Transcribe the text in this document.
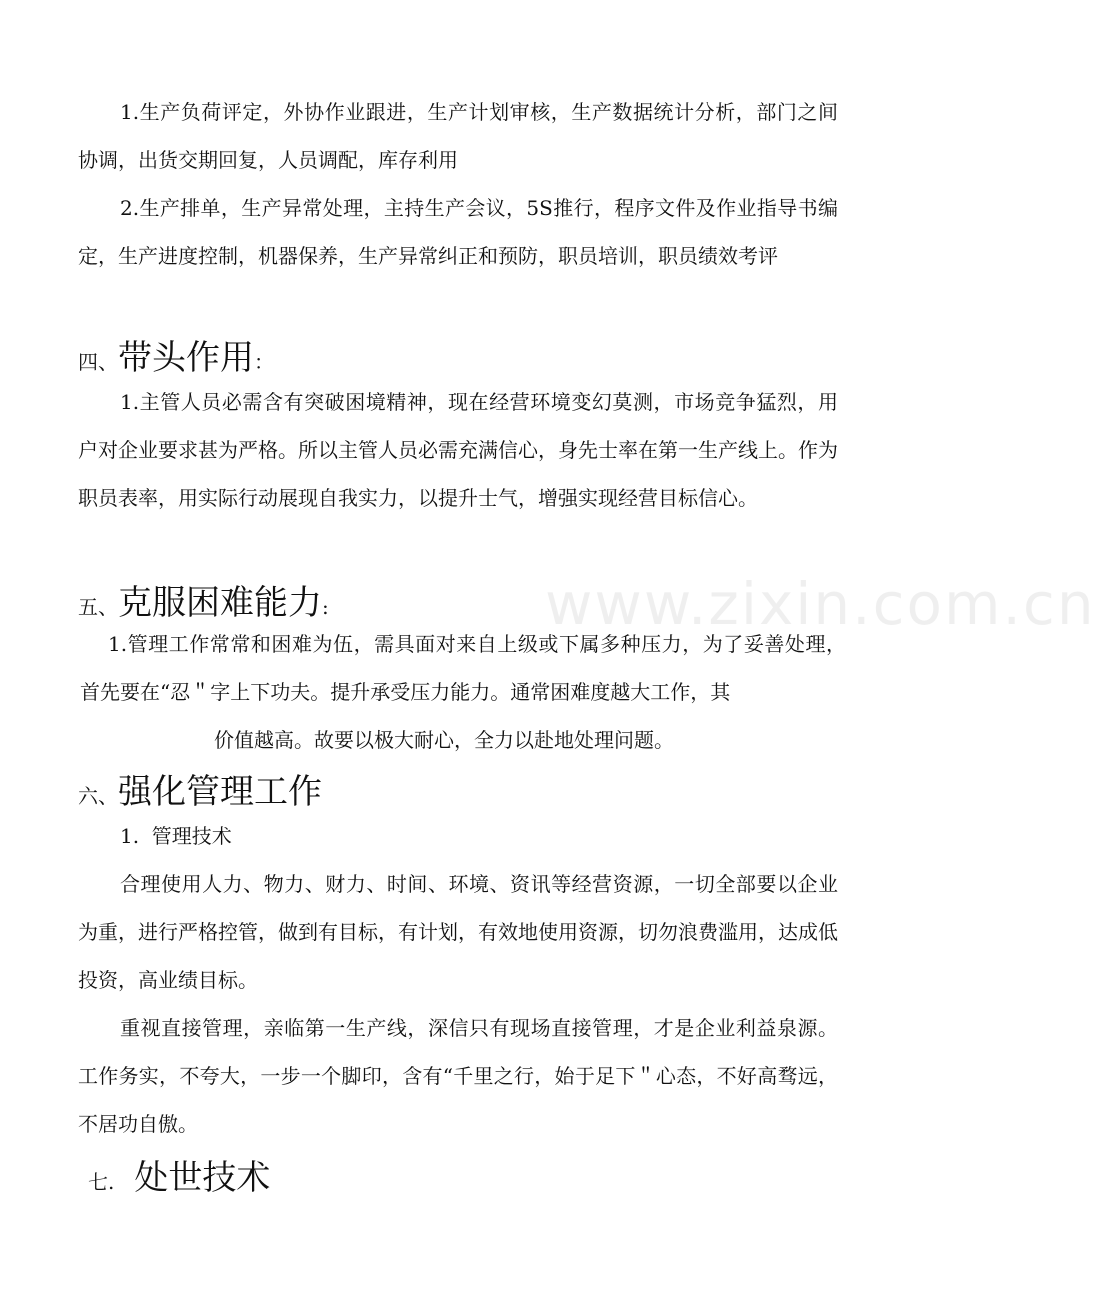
1.生产负荷评定，外协作业跟进，生产计划审核，生产数据统计分析，部门之间协调，出货交期回复，人员调配，库存利用

2.生产排单，生产异常处理，主持生产会议，5S推行，程序文件及作业指导书编定，生产进度控制，机器保养，生产异常纠正和预防，职员培训，职员绩效考评

四、带头作用：

1.主管人员必需含有突破困境精神，现在经营环境变幻莫测，市场竞争猛烈，用户对企业要求甚为严格。所以主管人员必需充满信心，身先士率在第一生产线上。作为职员表率，用实际行动展现自我实力，以提升士气，增强实现经营目标信心。

五、克服困难能力:

1.管理工作常常和困难为伍，需具面对来自上级或下属多种压力，为了妥善处理，首先要在“忍＂字上下功夫。提升承受压力能力。通常困难度越大工作，其

价值越高。故要以极大耐心，全力以赴地处理问题。
六、强化管理工作
1.  管理技术

合理使用人力、物力、财力、时间、环境、资讯等经营资源，一切全部要以企业为重，进行严格控管，做到有目标，有计划，有效地使用资源，切勿浪费滥用，达成低投资，高业绩目标。

重视直接管理，亲临第一生产线，深信只有现场直接管理，才是企业利益泉源。工作务实，不夸大，一步一个脚印，含有“千里之行，始于足下＂心态，不好高骛远，不居功自傲。

七. 处世技术
www.zixin.com.cn
